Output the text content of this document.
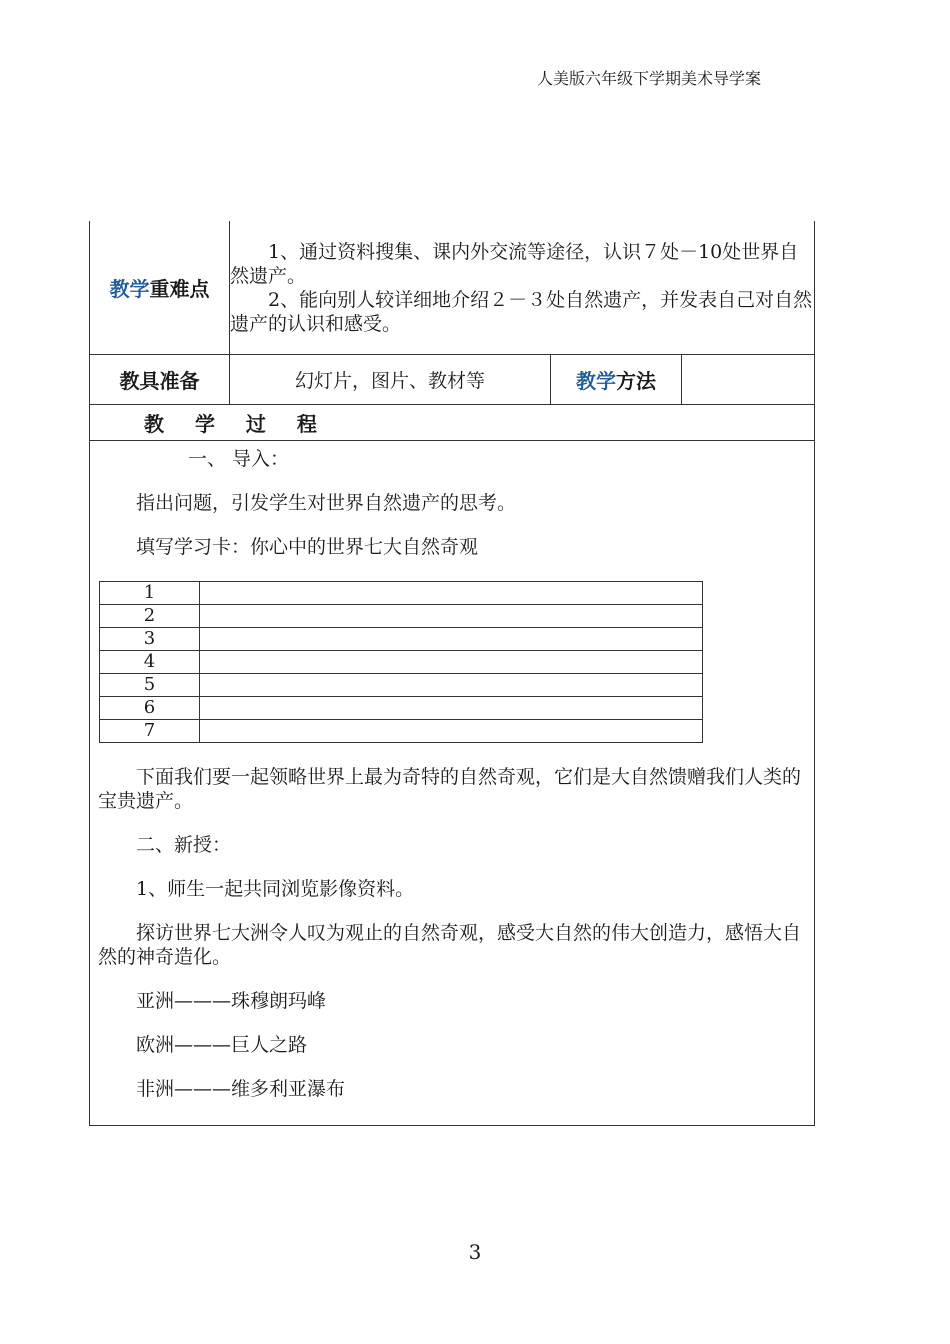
人美版六年级下学期美术导学案
教学重难点	

1、通过资料搜集、课内外交流等途径，认识７处－10处世界自然遗产。

2、能向别人较详细地介绍２－３处自然遗产，并发表自己对自然遗产的认识和感受。

教具准备	幻灯片，图片、教材等	教学方法	
教 学 过 程

一、 导入：

指出问题，引发学生对世界自然遗产的思考。

填写学习卡：你心中的世界七大自然奇观

1	
2	
3	
4	
5	
6	
7	

下面我们要一起领略世界上最为奇特的自然奇观，它们是大自然馈赠我们人类的宝贵遗产。

二、新授：

1、师生一起共同浏览影像资料。

探访世界七大洲令人叹为观止的自然奇观，感受大自然的伟大创造力，感悟大自然的神奇造化。

亚洲———珠穆朗玛峰

欧洲———巨人之路

非洲———维多利亚瀑布

3
